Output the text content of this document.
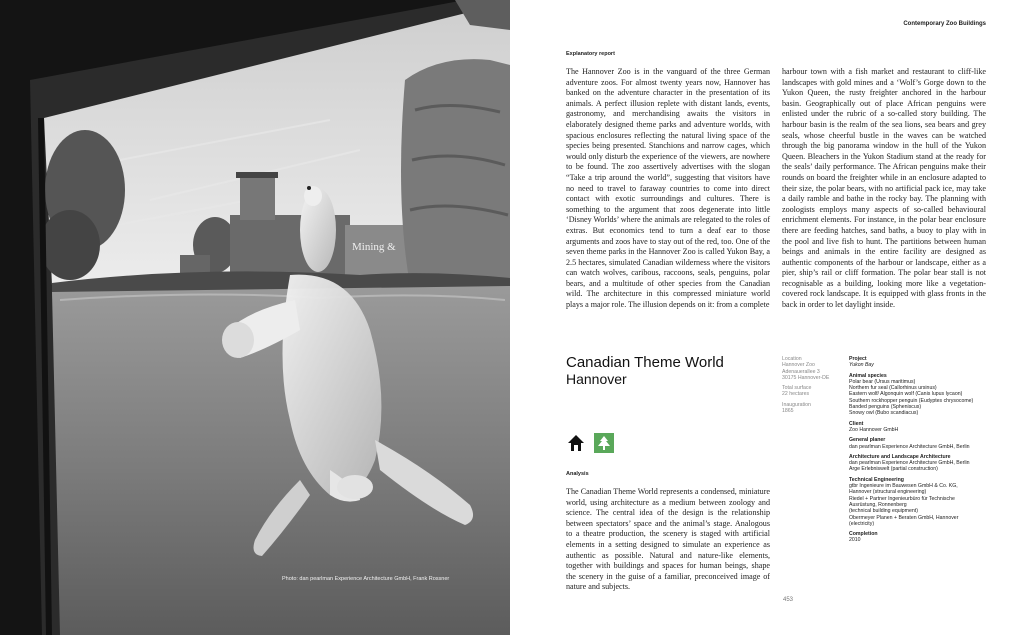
Mining &
Photo: dan pearlman Experience Architecture GmbH, Frank Rossner
Contemporary Zoo Buildings
Explanatory report

The Hannover Zoo is in the vanguard of the three German adventure zoos. For almost twenty years now, Hannover has banked on the adventure character in the presentation of its animals. A perfect illusion replete with distant lands, events, gastronomy, and merchandising awaits the visitors in elaborately designed theme parks and adventure worlds, with spacious enclosures reflecting the natural living space of the species being presented. Stanchions and narrow cages, which would only disturb the experience of the viewers, are nowhere to be found. The zoo assertively advertises with the slogan “Take a trip around the world”, suggesting that visitors have no need to travel to faraway countries to come into direct contact with exotic surroundings and cultures. There is something to the argument that zoos degenerate into little ‘Disney Worlds’ where the animals are relegated to the roles of extras. But economics tend to turn a deaf ear to those arguments and zoos have to stay out of the red, too. One of the seven theme parks in the Hannover Zoo is called Yukon Bay, a 2.5 hectares, simulated Canadian wilderness where the visitors can watch wolves, caribous, raccoons, seals, penguins, polar bears, and a multitude of other species from the Canadian wild. The architecture in this compressed miniature world plays a major role. The illusion depends on it: from a complete

harbour town with a fish market and restaurant to cliff-like landscapes with gold mines and a ‘Wolf’s Gorge down to the Yukon Queen, the rusty freighter anchored in the harbour basin. Geographically out of place African penguins were enlisted under the rubric of a so-called story building. The harbour basin is the realm of the sea lions, sea bears and grey seals, whose cheerful bustle in the waves can be watched through the big panorama window in the hull of the Yukon Queen. Bleachers in the Yukon Stadium stand at the ready for the seals’ daily performance. The African penguins make their rounds on board the freighter while in an enclosure adapted to their size, the polar bears, with no artificial pack ice, may take a daily ramble and bathe in the rocky bay. The planning with zoologists employs many aspects of so-called behavioural enrichment elements. For instance, in the polar bear enclosure there are feeding hatches, sand baths, a buoy to play with in the pool and live fish to hunt. The partitions between human beings and animals in the entire facility are designed as authentic components of the harbour or landscape, either as a pier, ship’s rail or cliff formation. The polar bear stall is not recognisable as a building, looking more like a vegetation-covered rock landscape. It is equipped with glass fronts in the back in order to let daylight inside.

Canadian Theme World
Hannover
Location
Hannover Zoo
Adenauerallee 3
30175 Hannover-DE
Total surface
22 hectares
Inauguration
1865
Project
Yukon Bay
Animal species
Polar bear (Ursus maritimus)
Northern fur seal (Callorhinus ursinus)
Eastern wolf/ Algonquin wolf (Canis lupus lycaon)
Southern rockhopper penguin (Eudyptes chrysocome)
Banded penguins (Spheniscus)
Snowy owl (Bubo scandiacus)
Client
Zoo Hannover GmbH
General planer
dan pearlman Experience Architecture GmbH, Berlin
Architecture and Landscape Architecture
dan pearlman Experience Architecture GmbH, Berlin
Arge Erlebniswelt (partial construction)
Technical Engineering
gtbr Ingenieure im Bauwesen GmbH & Co. KG,
Hannover (structural engineering)
Riedel + Partner Ingenieurbüro für Technische
Ausrüstung, Ronnenberg
(technical building equipment)
Obermeyer Planen + Beraten GmbH, Hannover
(electricity)
Completion
2010
Analysis

The Canadian Theme World represents a condensed, miniature world, using architecture as a medium between zoology and science. The central idea of the design is the relationship between spectators’ space and the animal’s stage. Analogous to a theatre production, the scenery is staged with artificial elements in a setting designed to simulate an experience as authentic as possible. Natural and nature-like elements, together with buildings and spaces for human beings, shape the scenery in the guise of a familiar, preconceived image of nature and subjects.

453
